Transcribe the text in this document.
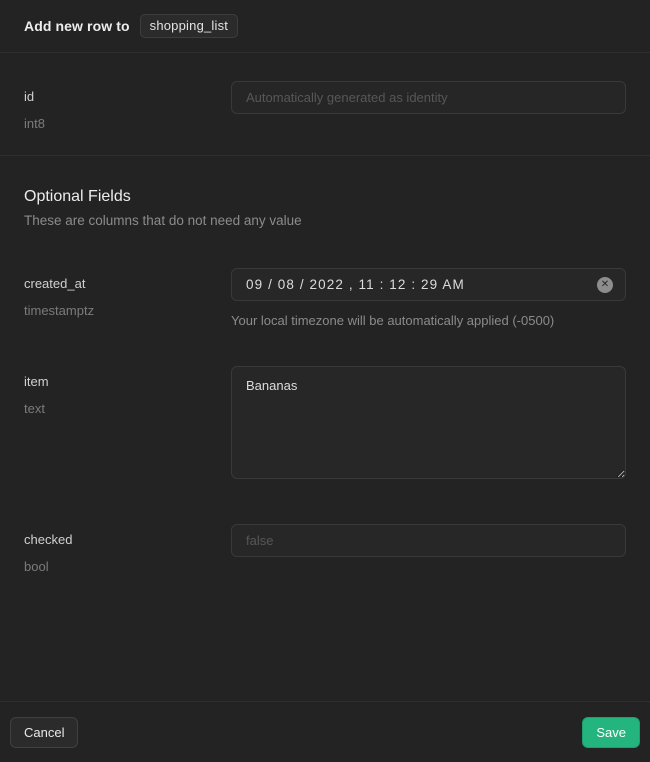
Add new row to	shopping_list
id
int8
Automatically generated as identity
Optional Fields
These are columns that do not need any value
created_at
timestamptz
09 / 08 / 2022 , 11 : 12 : 29 AM	✕
Your local timezone will be automatically applied (-0500)
item
text
Bananas
checked
bool
false
Cancel	Save
